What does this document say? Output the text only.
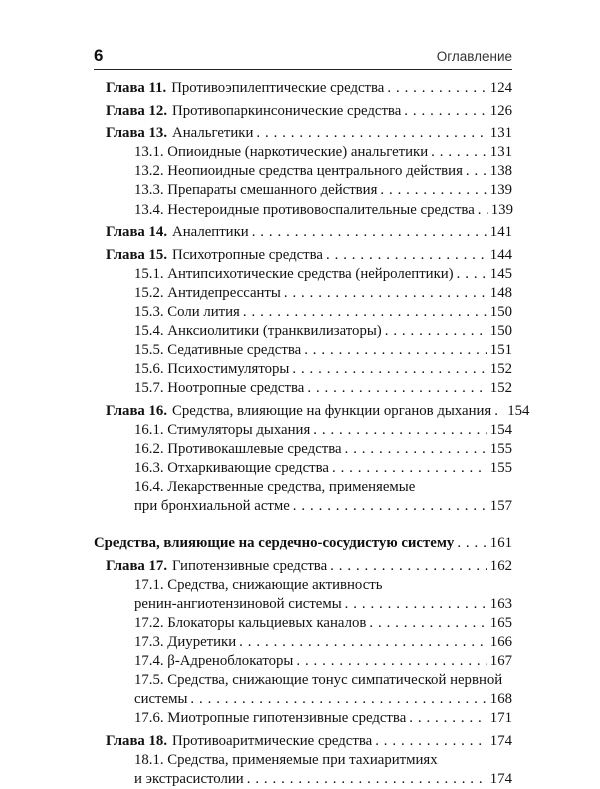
6	Оглавление
Глава 11. Противоэпилептические средства . . .	124
Глава 12. Противопаркинсонические средства . . .	126
Глава 13. Анальгетики . . .	131
13.1. Опиоидные (наркотические) анальгетики . . .	131
13.2. Неопиоидные средства центрального действия . . . 138
13.3. Препараты смешанного действия . . .	139
13.4. Нестероидные противовоспалительные средства . . . 139
Глава 14. Аналептики . . .	141
Глава 15. Психотропные средства . . .	144
15.1. Антипсихотические средства (нейролептики) . . . 145
15.2. Антидепрессанты . . .	148
15.3. Соли лития . . .	150
15.4. Анксиолитики (транквилизаторы) . . .	150
15.5. Седативные средства . . .	151
15.6. Психостимуляторы . . .	152
15.7. Ноотропные средства . . .	152
Глава 16. Средства, влияющие на функции органов дыхания . . . 154
16.1. Стимуляторы дыхания . . .	154
16.2. Противокашлевые средства . . .	155
16.3. Отхаркивающие средства . . .	155
16.4. Лекарственные средства, применяемые
при бронхиальной астме . . .	157
Средства, влияющие на сердечно-сосудистую систему . . . 161
Глава 17. Гипотензивные средства . . .	162
17.1. Средства, снижающие активность
ренин-ангиотензиновой системы . . .	163
17.2. Блокаторы кальциевых каналов . . .	165
17.3. Диуретики . . .	166
17.4. β-Адреноблокаторы . . .	167
17.5. Средства, снижающие тонус симпатической нервной
системы . . .	168
17.6. Миотропные гипотензивные средства . . .	171
Глава 18. Противоаритмические средства . . .	174
18.1. Средства, применяемые при тахиаритмиях
и экстрасистолии . . .	174
